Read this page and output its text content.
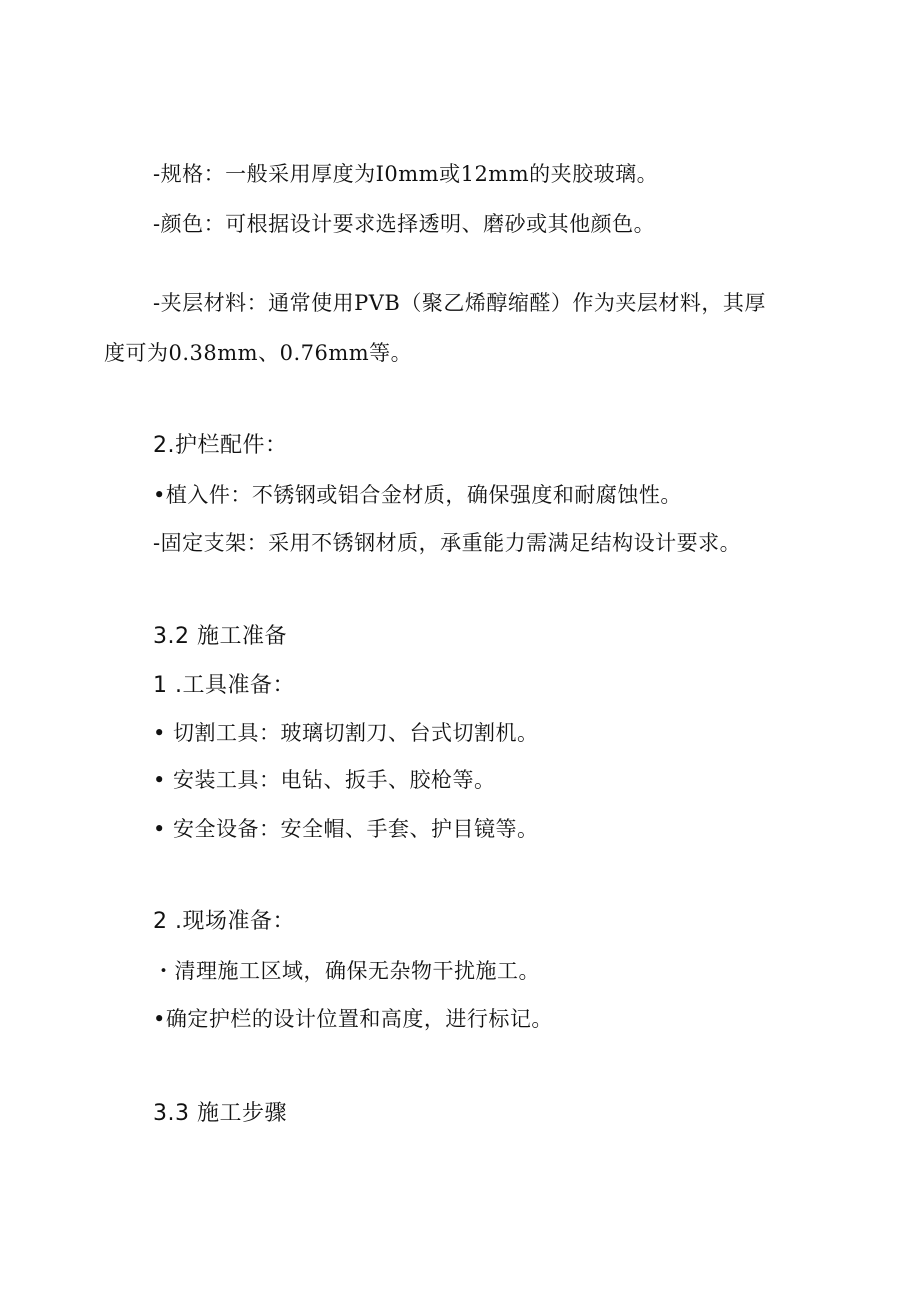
-规格：一般采用厚度为I0mm或12mm的夹胶玻璃。
-颜色：可根据设计要求选择透明、磨砂或其他颜色。
-夹层材料：通常使用PVB（聚乙烯醇缩醛）作为夹层材料，其厚
度可为0.38mm、0.76mm等。
2.护栏配件：
•植入件：不锈钢或铝合金材质，确保强度和耐腐蚀性。
-固定支架：采用不锈钢材质，承重能力需满足结构设计要求。
3.2 施工准备
1 .工具准备：
• 切割工具：玻璃切割刀、台式切割机。
• 安装工具：电钻、扳手、胶枪等。
• 安全设备：安全帽、手套、护目镜等。
2 .现场准备：
・清理施工区域，确保无杂物干扰施工。
•确定护栏的设计位置和高度，进行标记。
3.3 施工步骤
